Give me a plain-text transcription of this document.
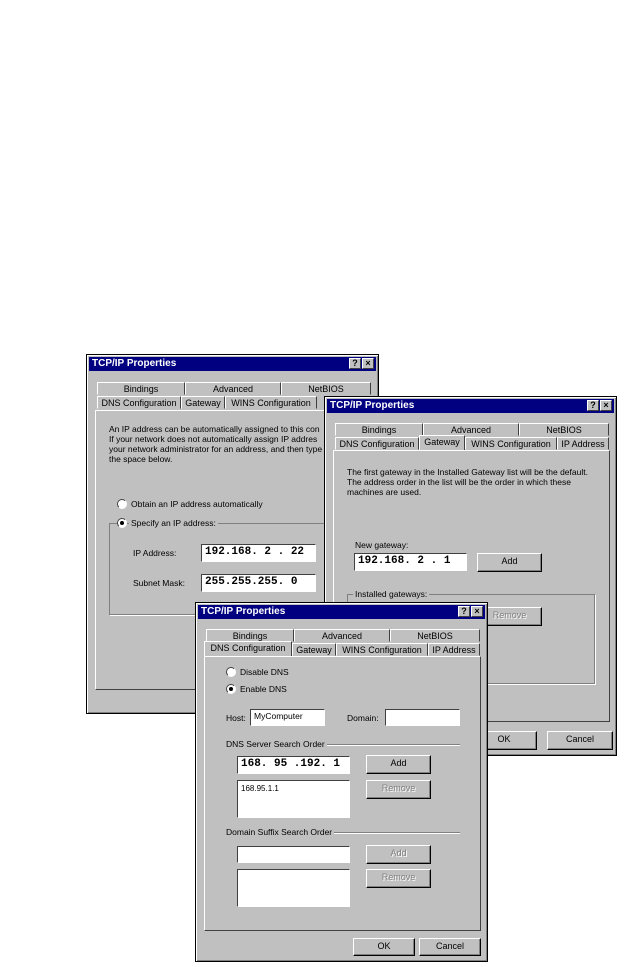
TCP/IP Properties	? ×
Bindings	Advanced	NetBIOS
DNS Configuration Gateway	WINS Configuration
An IP address can be automatically assigned to this con
If your network does not automatically assign IP addres
your network administrator for an address, and then type
the space below.
Obtain an IP address automatically
Specify an IP address:
IP Address:	192.168. 2 . 22
Subnet Mask:	255.255.255. 0
TCP/IP Properties	? ×
Bindings	Advanced	NetBIOS
DNS Configuration	Gateway	WINS Configuration	IP Address
The first gateway in the Installed Gateway list will be the default.
The address order in the list will be the order in which these
machines are used.
New gateway:
192.168. 2 . 1	Add
Installed gateways:
Remove
OK	Cancel
TCP/IP Properties	? ×
Bindings	Advanced	NetBIOS
DNS Configuration	Gateway	WINS Configuration	IP Address
Disable DNS
Enable DNS
Host: MyComputer	Domain:
DNS Server Search Order
168. 95 .192. 1	Add
168.95.1.1	Remove
Domain Suffix Search Order
Add
Remove
OK	Cancel
